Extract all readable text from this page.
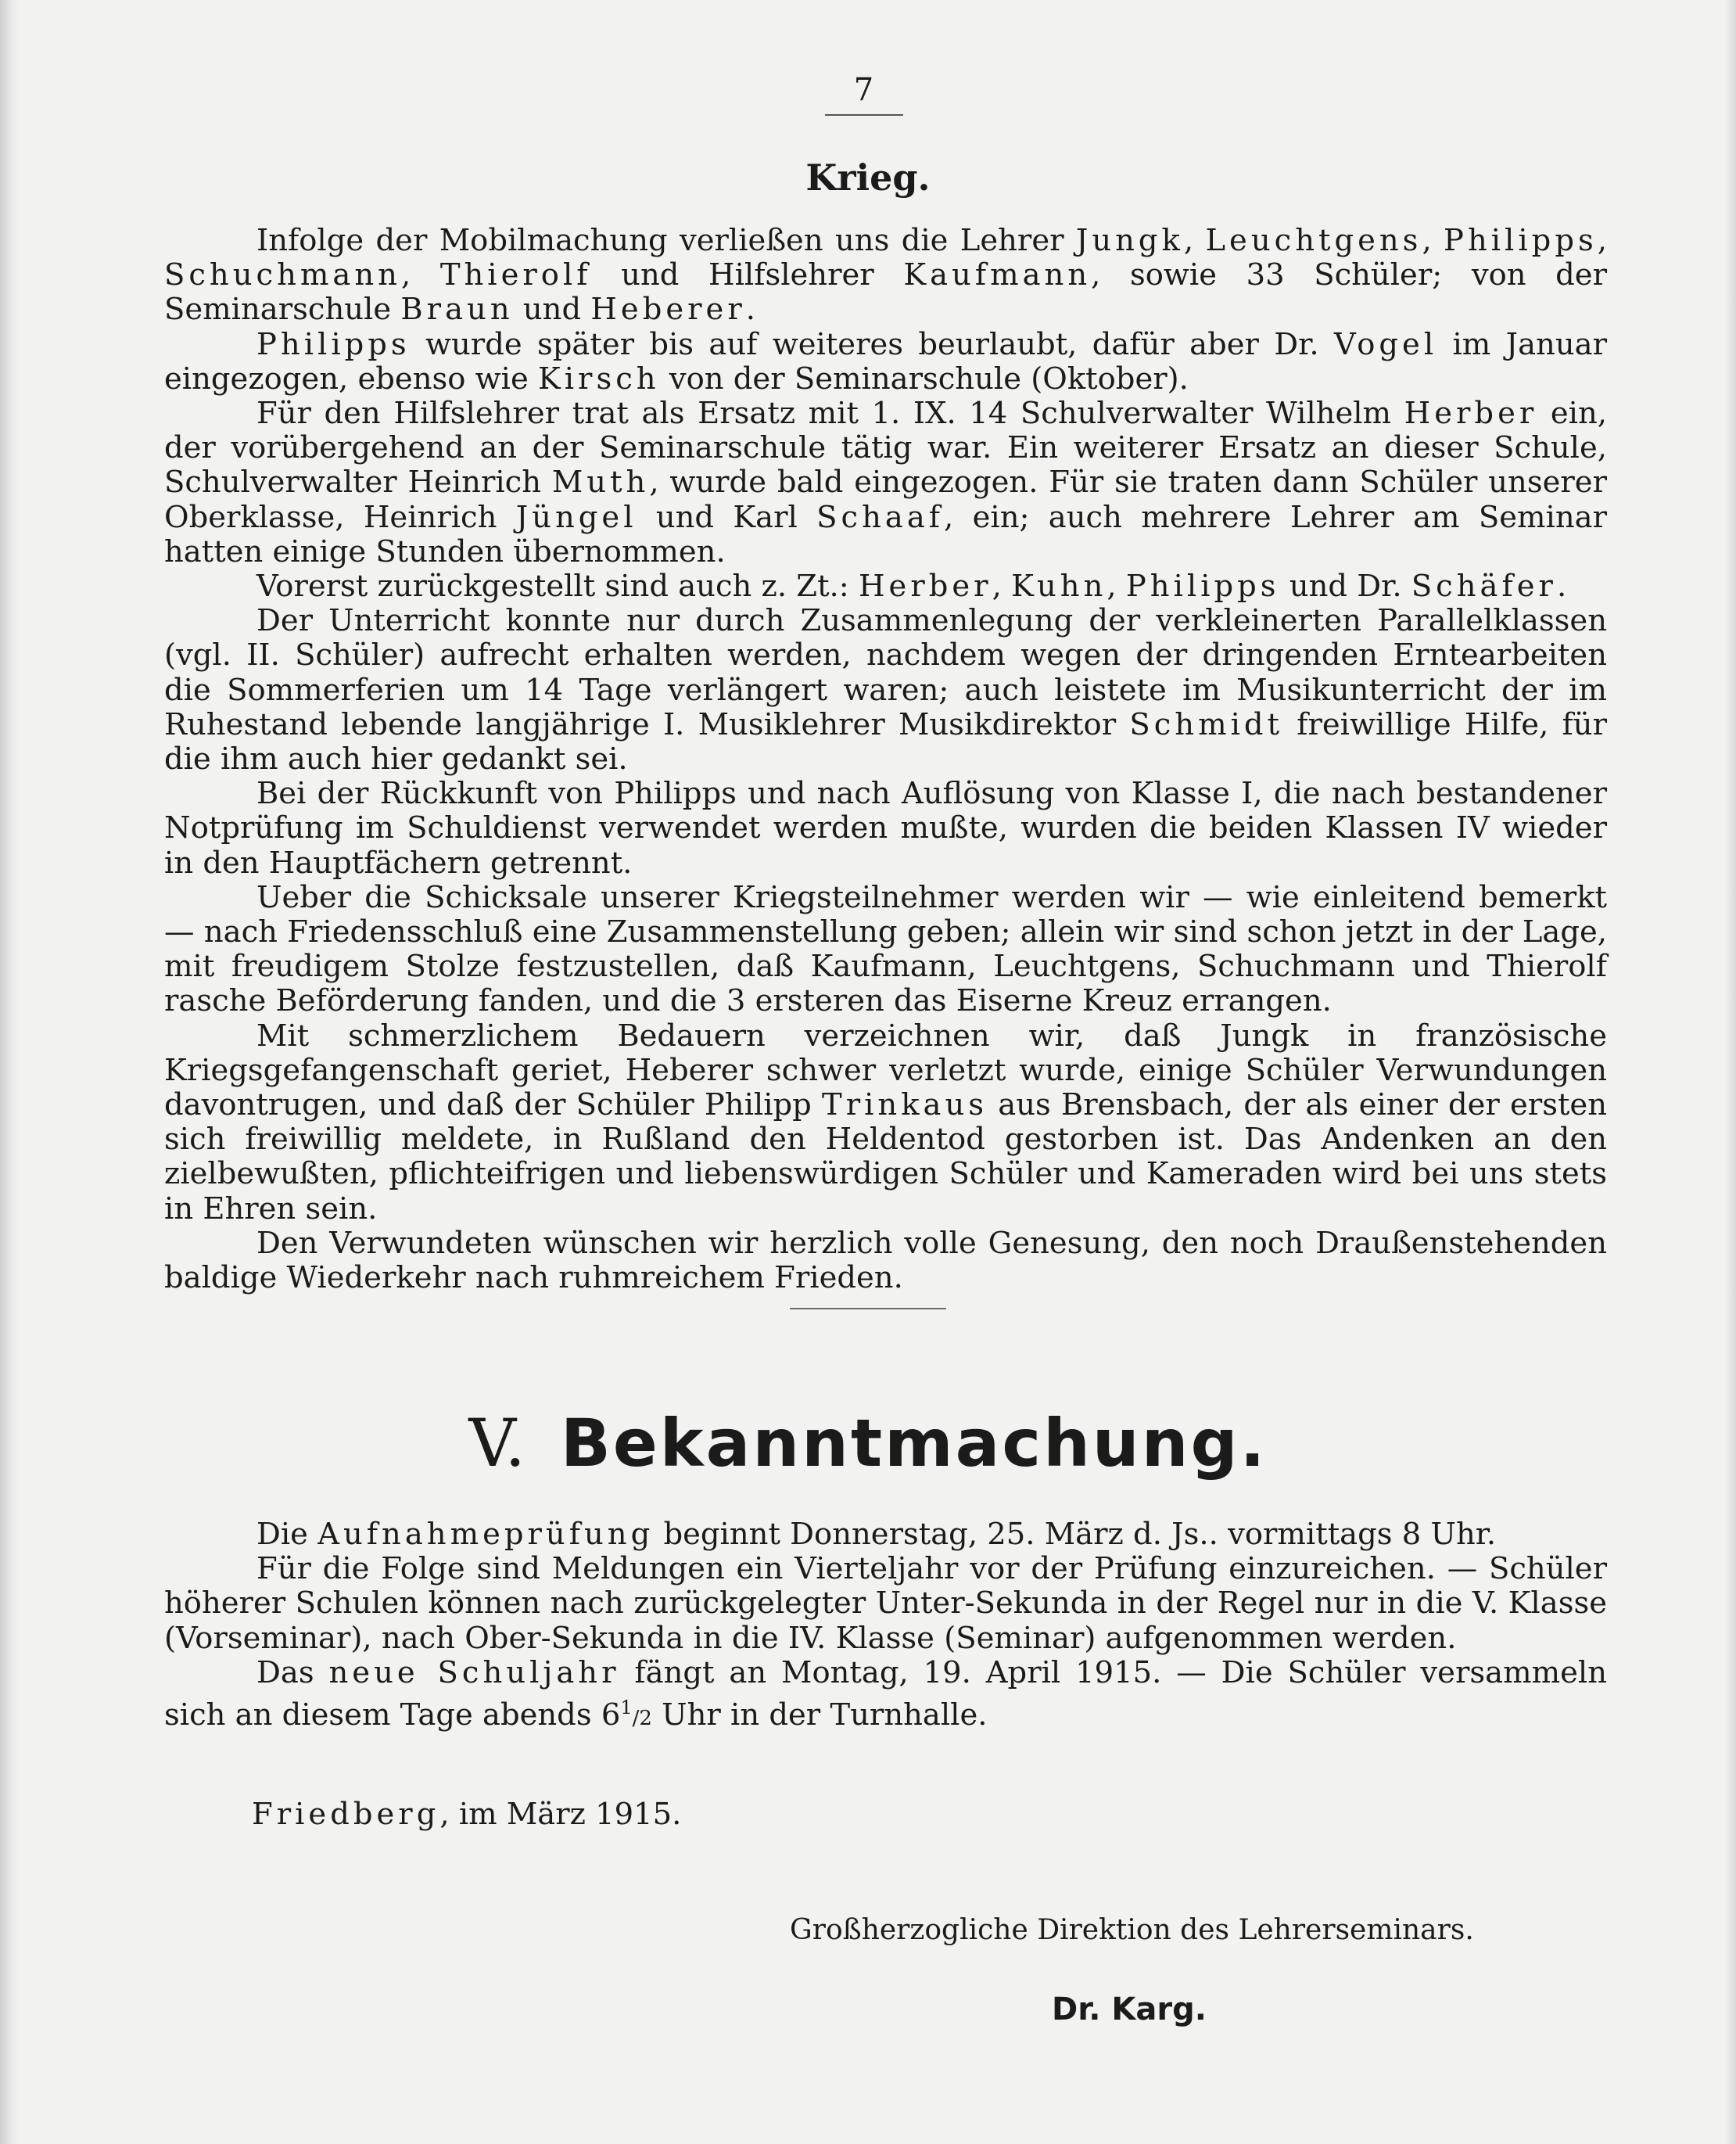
7
Krieg.

Infolge der Mobilmachung verließen uns die Lehrer Jungk, Leuchtgens, Philipps, Schuchmann, Thierolf und Hilfslehrer Kaufmann, sowie 33 Schüler; von der Seminarschule Braun und Heberer.

Philipps wurde später bis auf weiteres beurlaubt, dafür aber Dr. Vogel im Januar eingezogen, ebenso wie Kirsch von der Seminarschule (Oktober).

Für den Hilfslehrer trat als Ersatz mit 1. IX. 14 Schulverwalter Wilhelm Herber ein, der vorübergehend an der Seminarschule tätig war. Ein weiterer Ersatz an dieser Schule, Schulverwalter Heinrich Muth, wurde bald eingezogen. Für sie traten dann Schüler unserer Oberklasse, Heinrich Jüngel und Karl Schaaf, ein; auch mehrere Lehrer am Seminar hatten einige Stunden übernommen.

Vorerst zurückgestellt sind auch z. Zt.: Herber, Kuhn, Philipps und Dr. Schäfer.

Der Unterricht konnte nur durch Zusammenlegung der verkleinerten Parallelklassen (vgl. II. Schüler) aufrecht erhalten werden, nachdem wegen der dringenden Erntearbeiten die Sommerferien um 14 Tage verlängert waren; auch leistete im Musikunterricht der im Ruhestand lebende langjährige I. Musiklehrer Musikdirektor Schmidt freiwillige Hilfe, für die ihm auch hier gedankt sei.

Bei der Rückkunft von Philipps und nach Auflösung von Klasse I, die nach bestandener Notprüfung im Schuldienst verwendet werden mußte, wurden die beiden Klassen IV wieder in den Hauptfächern getrennt.

Ueber die Schicksale unserer Kriegsteilnehmer werden wir — wie einleitend bemerkt — nach Friedensschluß eine Zusammenstellung geben; allein wir sind schon jetzt in der Lage, mit freudigem Stolze festzustellen, daß Kaufmann, Leuchtgens, Schuchmann und Thierolf rasche Beförderung fanden, und die 3 ersteren das Eiserne Kreuz errangen.

Mit schmerzlichem Bedauern verzeichnen wir, daß Jungk in französische Kriegsgefangenschaft geriet, Heberer schwer verletzt wurde, einige Schüler Verwundungen davontrugen, und daß der Schüler Philipp Trinkaus aus Brensbach, der als einer der ersten sich freiwillig meldete, in Rußland den Heldentod gestorben ist. Das Andenken an den zielbewußten, pflichteifrigen und liebenswürdigen Schüler und Kameraden wird bei uns stets in Ehren sein.

Den Verwundeten wünschen wir herzlich volle Genesung, den noch Draußenstehenden baldige Wiederkehr nach ruhmreichem Frieden.

V. Bekanntmachung.

Die Aufnahmeprüfung beginnt Donnerstag, 25. März d. Js.. vormittags 8 Uhr.

Für die Folge sind Meldungen ein Vierteljahr vor der Prüfung einzureichen. — Schüler höherer Schulen können nach zurückgelegter Unter-Sekunda in der Regel nur in die V. Klasse (Vorseminar), nach Ober-Sekunda in die IV. Klasse (Seminar) aufgenommen werden.

Das neue Schuljahr fängt an Montag, 19. April 1915. — Die Schüler versammeln sich an diesem Tage abends $6^1/2$ Uhr in der Turnhalle.

Friedberg, im März 1915.
Großherzogliche Direktion des Lehrerseminars.
Dr. Karg.
